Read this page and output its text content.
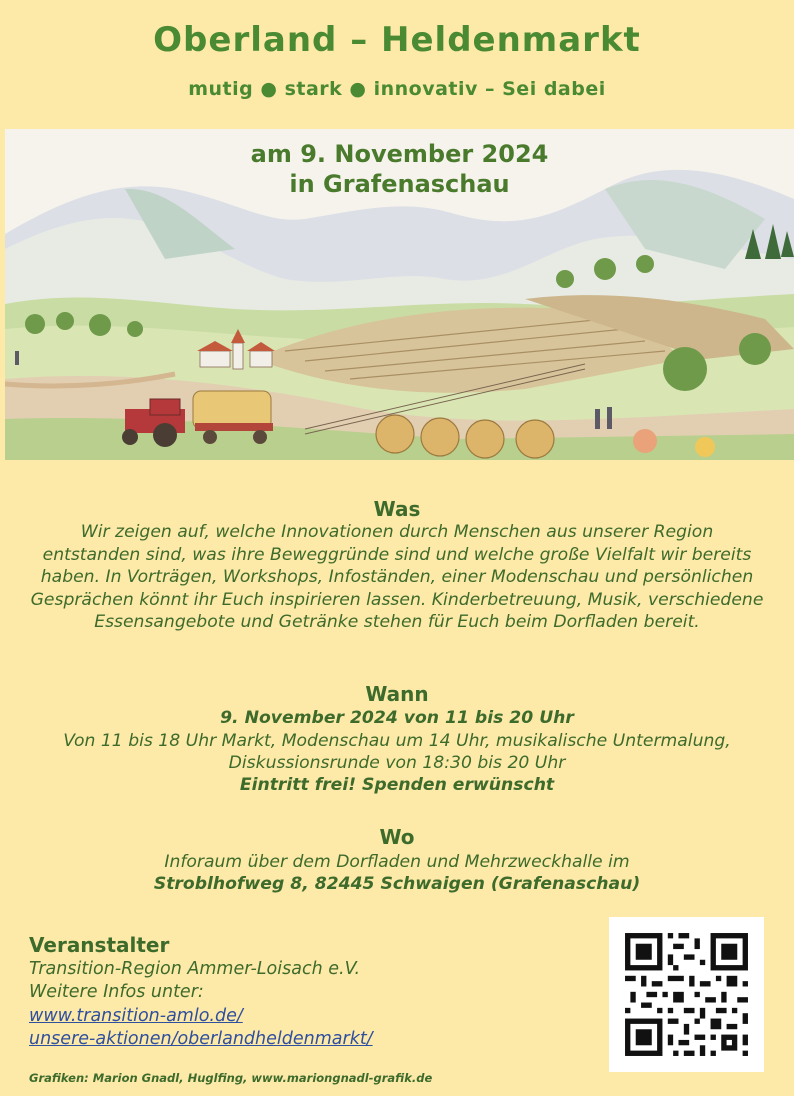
Oberland – Heldenmarkt
mutig ● stark ● innovativ – Sei dabei
am 9. November 2024
in Grafenaschau
Was
Wir zeigen auf, welche Innovationen durch Menschen aus unserer Region entstanden sind, was ihre Beweggründe sind und welche große Vielfalt wir bereits haben. In Vorträgen, Workshops, Infoständen, einer Modenschau und persönlichen Gesprächen könnt ihr Euch inspirieren lassen. Kinderbetreuung, Musik, verschiedene Essensangebote und Getränke stehen für Euch beim Dorfladen bereit.
Wann
9. November 2024 von 11 bis 20 Uhr
Von 11 bis 18 Uhr Markt, Modenschau um 14 Uhr, musikalische Untermalung,
Diskussionsrunde von 18:30 bis 20 Uhr
Eintritt frei! Spenden erwünscht
Wo
Inforaum über dem Dorfladen und Mehrzweckhalle im
Stroblhofweg 8, 82445 Schwaigen (Grafenaschau)
Veranstalter
Transition-Region Ammer-Loisach e.V.
Weitere Infos unter:
www.transition-amlo.de/
unsere-aktionen/oberlandheldenmarkt/
Grafiken: Marion Gnadl, Huglfing, www.mariongnadl-grafik.de
